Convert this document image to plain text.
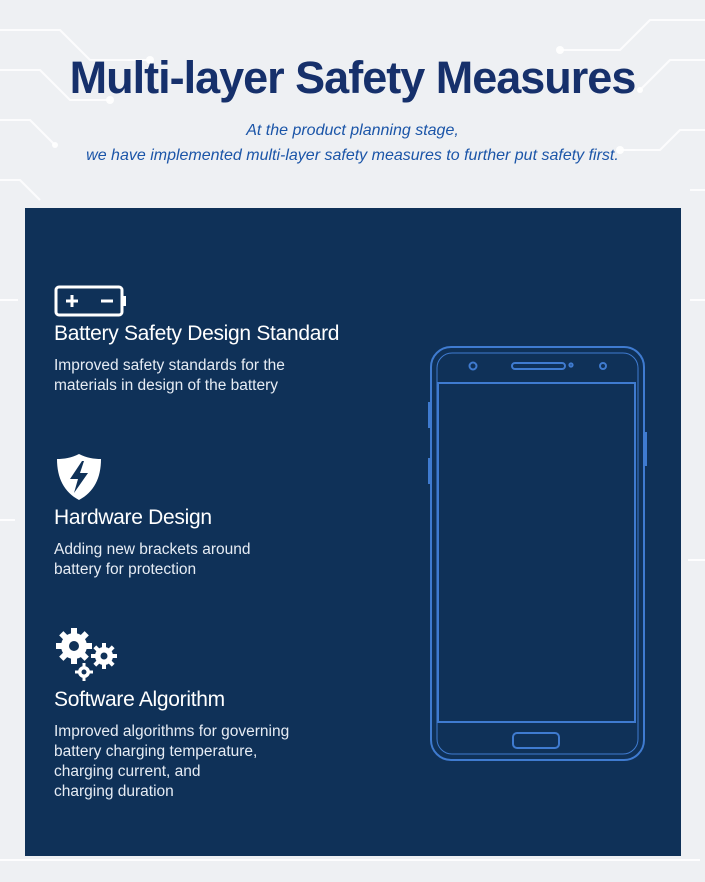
Multi-layer Safety Measures
At the product planning stage,
we have implemented multi-layer safety measures to further put safety first.
Battery Safety Design Standard
Improved safety standards for the
materials in design of the battery
Hardware Design
Adding new brackets around
battery for protection
Software Algorithm
Improved algorithms for governing
battery charging temperature,
charging current, and
charging duration
